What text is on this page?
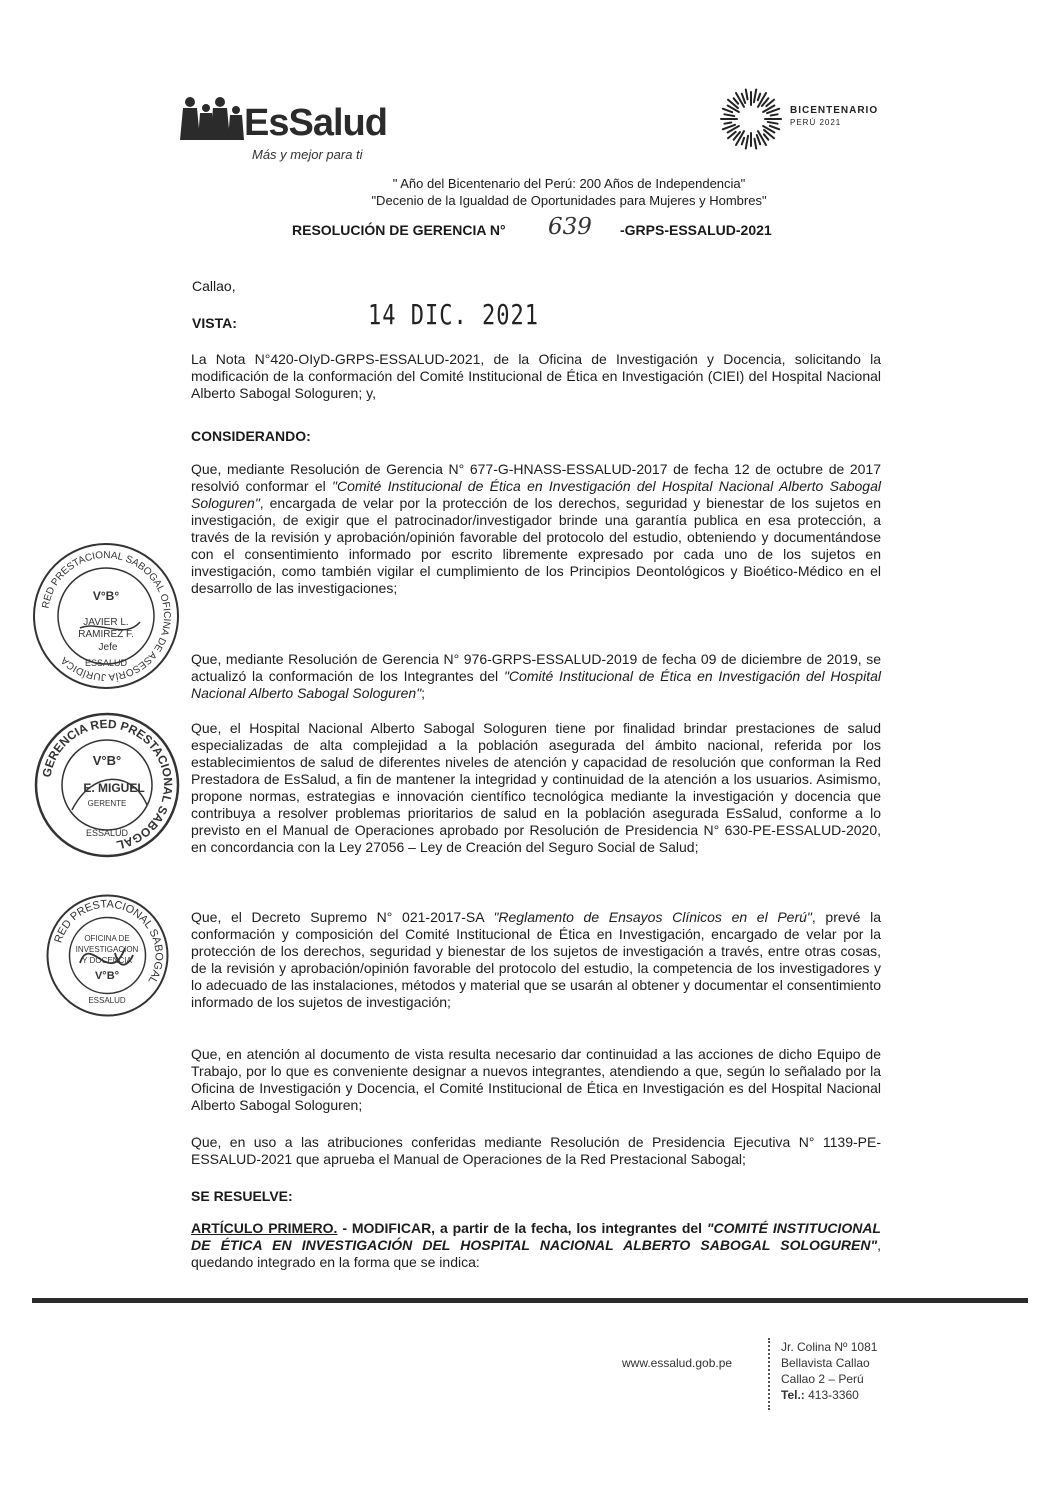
EsSalud
Más y mejor para ti
BICENTENARIO
PERÚ 2021
" Año del Bicentenario del Perú: 200 Años de Independencia"
"Decenio de la Igualdad de Oportunidades para Mujeres y Hombres"
RESOLUCIÓN DE GERENCIA N° 639 -GRPS-ESSALUD-2021
Callao,
14 DIC. 2021
VISTA:
La Nota N°420-OIyD-GRPS-ESSALUD-2021, de la Oficina de Investigación y Docencia, solicitando la modificación de la conformación del Comité Institucional de Ética en Investigación (CIEI) del Hospital Nacional Alberto Sabogal Sologuren; y,
CONSIDERANDO:
Que, mediante Resolución de Gerencia N° 677-G-HNASS-ESSALUD-2017 de fecha 12 de octubre de 2017 resolvió conformar el "Comité Institucional de Ética en Investigación del Hospital Nacional Alberto Sabogal Sologuren", encargada de velar por la protección de los derechos, seguridad y bienestar de los sujetos en investigación, de exigir que el patrocinador/investigador brinde una garantía publica en esa protección, a través de la revisión y aprobación/opinión favorable del protocolo del estudio, obteniendo y documentándose con el consentimiento informado por escrito libremente expresado por cada uno de los sujetos en investigación, como también vigilar el cumplimiento de los Principios Deontológicos y Bioético-Médico en el desarrollo de las investigaciones;
Que, mediante Resolución de Gerencia N° 976-GRPS-ESSALUD-2019 de fecha 09 de diciembre de 2019, se actualizó la conformación de los Integrantes del "Comité Institucional de Ética en Investigación del Hospital Nacional Alberto Sabogal Sologuren";
Que, el Hospital Nacional Alberto Sabogal Sologuren tiene por finalidad brindar prestaciones de salud especializadas de alta complejidad a la población asegurada del ámbito nacional, referida por los establecimientos de salud de diferentes niveles de atención y capacidad de resolución que conforman la Red Prestadora de EsSalud, a fin de mantener la integridad y continuidad de la atención a los usuarios. Asimismo, propone normas, estrategias e innovación científico tecnológica mediante la investigación y docencia que contribuya a resolver problemas prioritarios de salud en la población asegurada EsSalud, conforme a lo previsto en el Manual de Operaciones aprobado por Resolución de Presidencia N° 630-PE-ESSALUD-2020, en concordancia con la Ley 27056 – Ley de Creación del Seguro Social de Salud;
Que, el Decreto Supremo N° 021-2017-SA "Reglamento de Ensayos Clínicos en el Perú", prevé la conformación y composición del Comité Institucional de Ética en Investigación, encargado de velar por la protección de los derechos, seguridad y bienestar de los sujetos de investigación a través, entre otras cosas, de la revisión y aprobación/opinión favorable del protocolo del estudio, la competencia de los investigadores y lo adecuado de las instalaciones, métodos y material que se usarán al obtener y documentar el consentimiento informado de los sujetos de investigación;
Que, en atención al documento de vista resulta necesario dar continuidad a las acciones de dicho Equipo de Trabajo, por lo que es conveniente designar a nuevos integrantes, atendiendo a que, según lo señalado por la Oficina de Investigación y Docencia, el Comité Institucional de Ética en Investigación es del Hospital Nacional Alberto Sabogal Sologuren;
Que, en uso a las atribuciones conferidas mediante Resolución de Presidencia Ejecutiva N° 1139-PE-ESSALUD-2021 que aprueba el Manual de Operaciones de la Red Prestacional Sabogal;
SE RESUELVE:
ARTÍCULO PRIMERO. - MODIFICAR, a partir de la fecha, los integrantes del "COMITÉ INSTITUCIONAL DE ÉTICA EN INVESTIGACIÓN DEL HOSPITAL NACIONAL ALBERTO SABOGAL SOLOGUREN", quedando integrado en la forma que se indica:
RED PRESTACIONAL SABOGAL OFICINA DE ASESORÍA JURÍDICA
V°B°
JAVIER L.
RAMIREZ F.
Jefe
ESSALUD
GERENCIA RED PRESTACIONAL SABOGAL
V°B°
E. MIGUEL
GERENTE
ESSALUD
RED PRESTACIONAL SABOGAL
OFICINA DE
INVESTIGACION
Y DOCENCIA
V°B°
ESSALUD
www.essalud.gob.pe
Jr. Colina Nº 1081
Bellavista Callao
Callao 2 – Perú
Tel.: 413-3360
